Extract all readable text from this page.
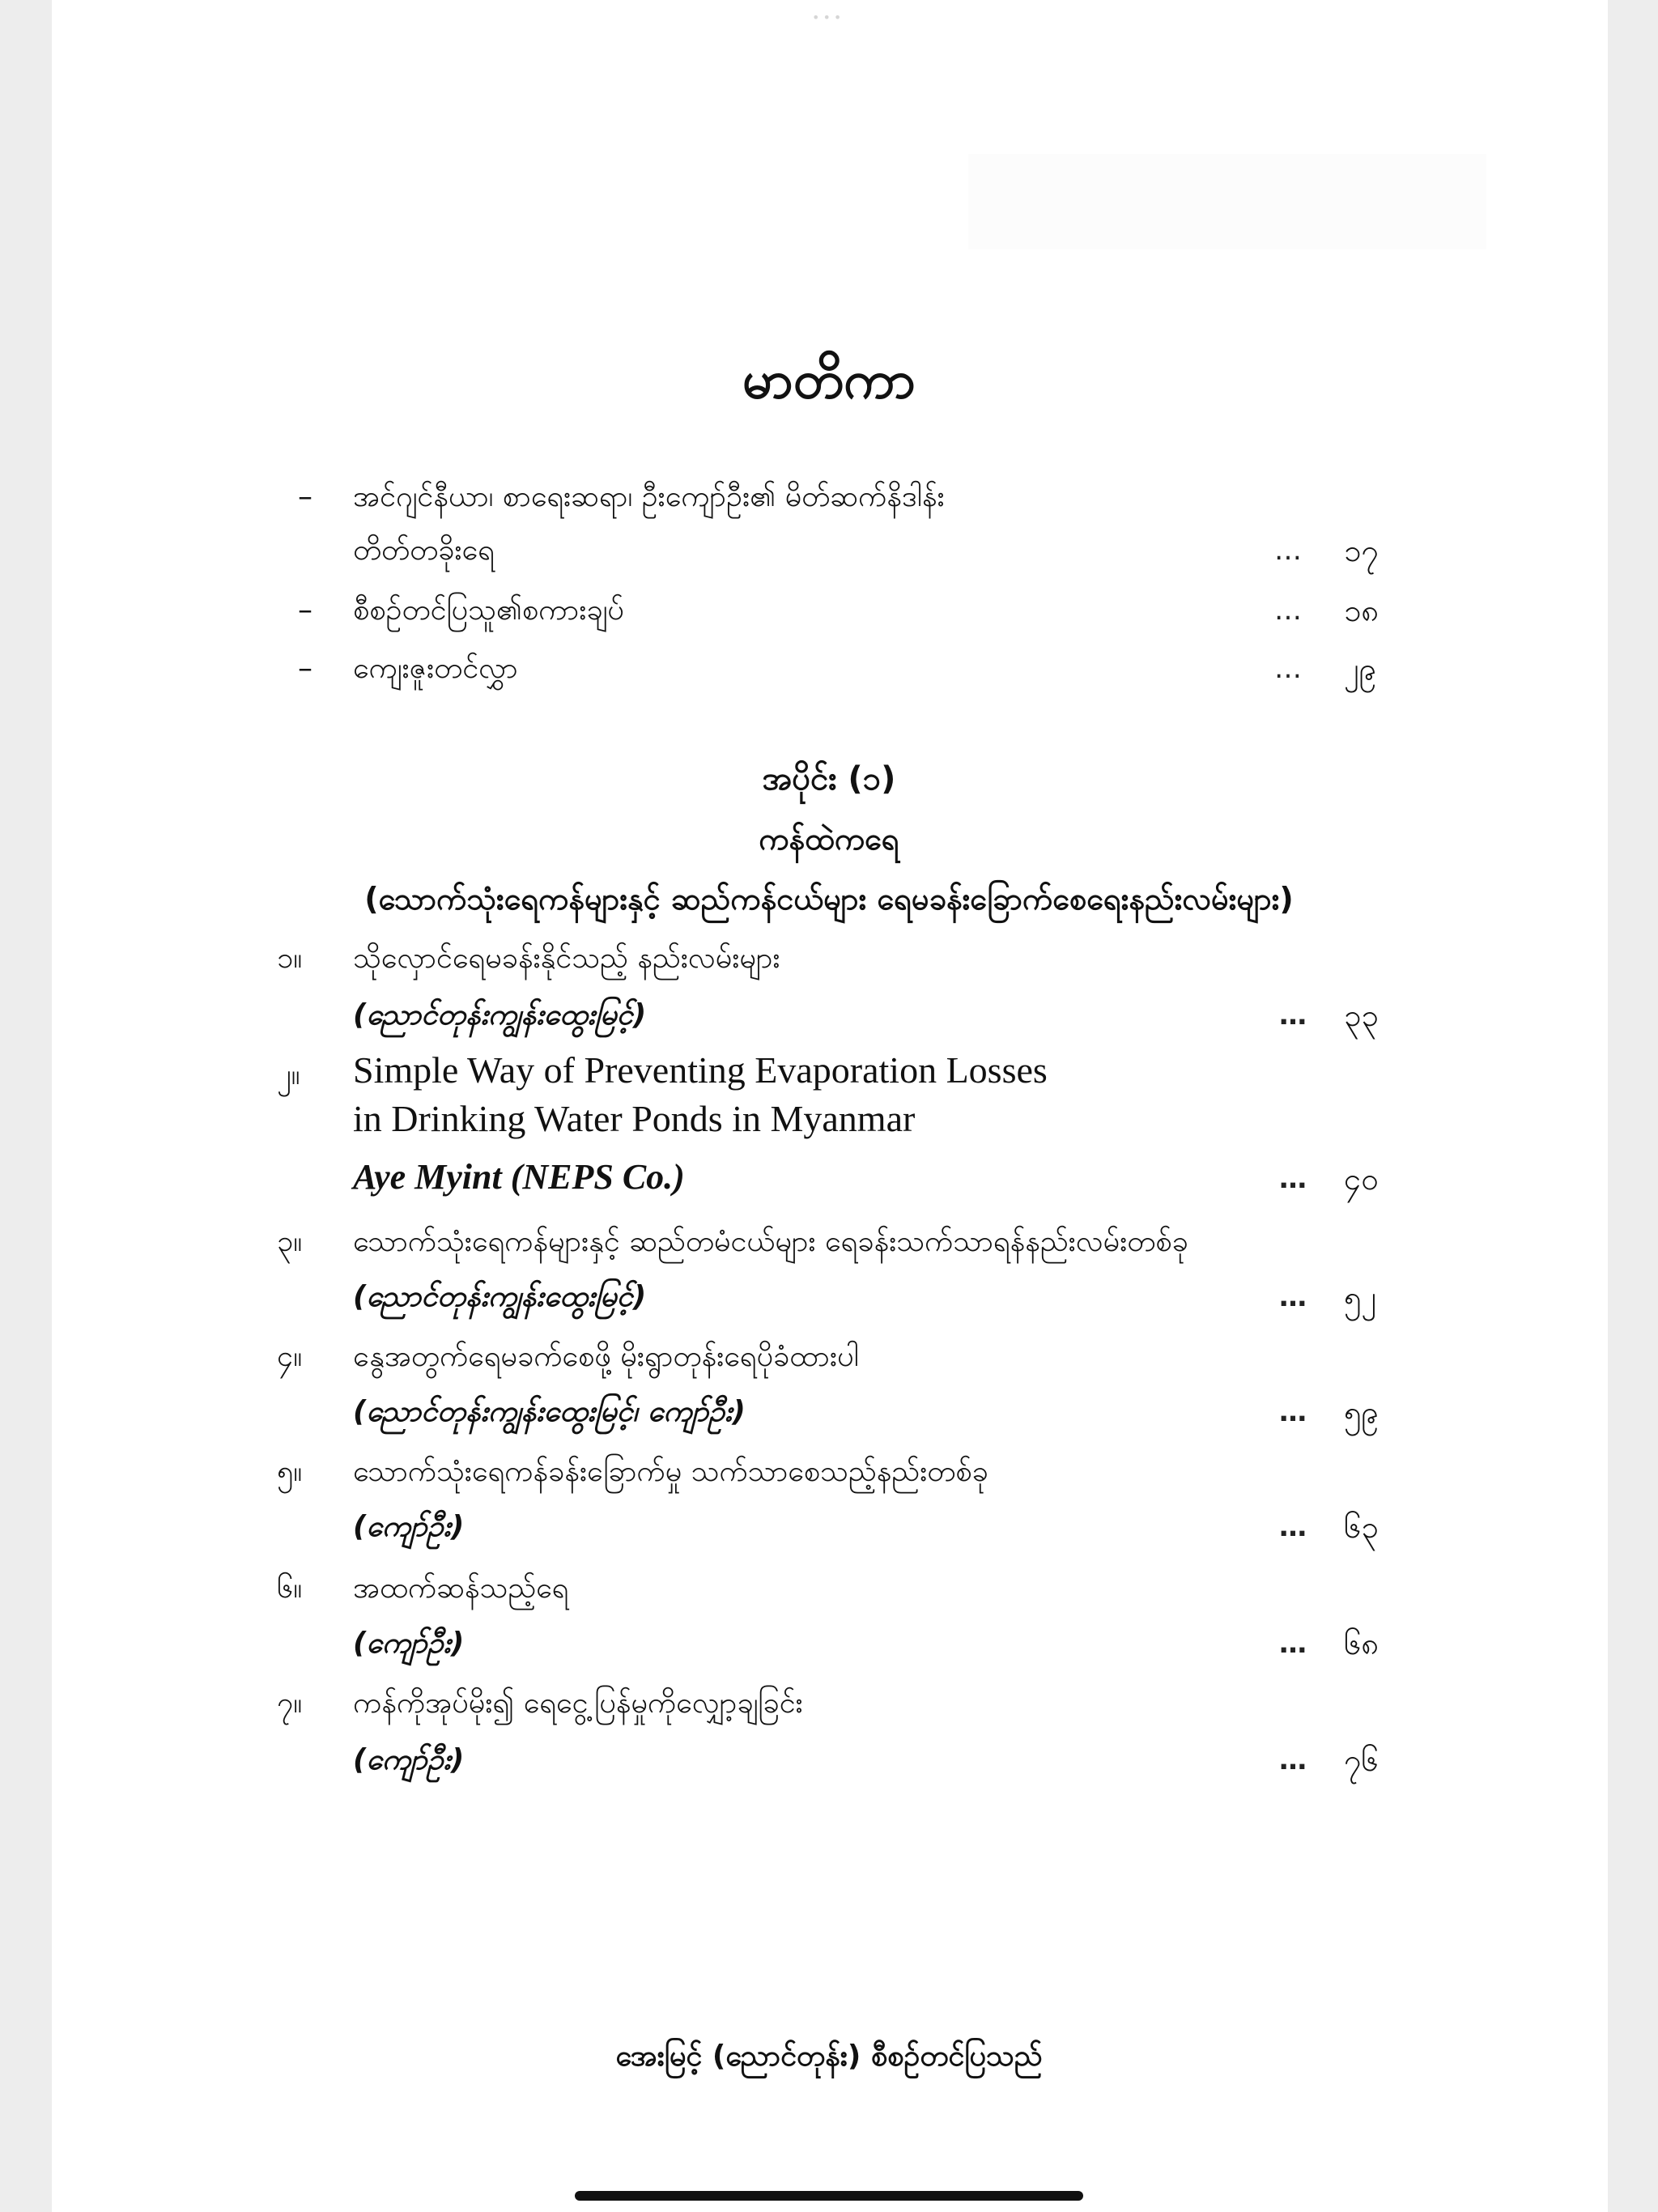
•••
မာတိကာ
– အင်ဂျင်နီယာ၊ စာရေးဆရာ၊ ဦးကျော်ဦး၏ မိတ်ဆက်နိဒါန်း
တိတ်တခိုးရေ	… ၁၇
– စီစဥ်တင်ပြသူ၏စကားချပ်	… ၁၈
– ကျေးဇူးတင်လွှာ	… ၂၉
အပိုင်း (၁)
ကန်ထဲကရေ
(သောက်သုံးရေကန်များနှင့် ဆည်ကန်ငယ်များ ရေမခန်းခြောက်စေရေးနည်းလမ်းများ)
၁။ သိုလှောင်ရေမခန်းနိုင်သည့် နည်းလမ်းများ
(ညောင်တုန်းကျွန်းထွေးမြင့်)	… ၃၃
၂။ Simple Way of Preventing Evaporation Losses
in Drinking Water Ponds in Myanmar
Aye Myint (NEPS Co.)	… ၄၀
၃။ သောက်သုံးရေကန်များနှင့် ဆည်တမံငယ်များ ရေခန်းသက်သာရန်နည်းလမ်းတစ်ခု
(ညောင်တုန်းကျွန်းထွေးမြင့်)	… ၅၂
၄။ နွေအတွက်ရေမခက်စေဖို့ မိုးရွာတုန်းရေပိုခံထားပါ
(ညောင်တုန်းကျွန်းထွေးမြင့်၊ ကျော်ဦး)	… ၅၉
၅။ သောက်သုံးရေကန်ခန်းခြောက်မှု သက်သာစေသည့်နည်းတစ်ခု
(ကျော်ဦး)	… ၆၃
၆။ အထက်ဆန်သည့်ရေ
(ကျော်ဦး)	… ၆၈
၇။ ကန်ကိုအုပ်မိုး၍ ရေငွေ့ပြန်မှုကိုလျှော့ချခြင်း
(ကျော်ဦး)	… ၇၆
အေးမြင့် (ညောင်တုန်း) စီစဥ်တင်ပြသည်
